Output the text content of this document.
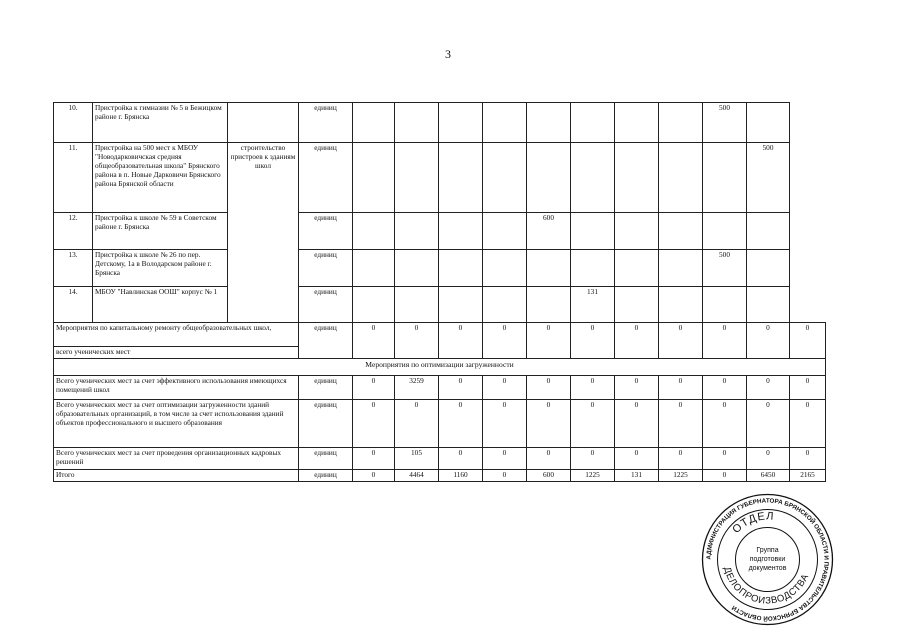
3
10.	Пристройка к гимназии № 5 в Бежицком районе г. Брянска		единиц									500		
11.	Пристройка на 500 мест к МБОУ "Новодарковичская средняя общеобразовательная школа" Брянского района в п. Новые Дарковичи Брянского района Брянской области	строительство пристроев к зданиям школ	единиц										500	
12.	Пристройка к школе № 59 в Советском районе г. Брянска		единиц					600						
13.	Пристройка к школе № 26 по пер. Детскому, 1а в Володарском районе г. Брянска		единиц									500		
14.	МБОУ "Навлинская ООШ" корпус № 1		единиц						131					
Мероприятия по капитальному ремонту общеобразовательных школ,			единиц	0	0	0	0	0	0	0	0	0	0	0
всего ученических мест														
Мероприятия по оптимизации загруженности														
Всего ученических мест за счет эффективного использования имеющихся помещений школ			единиц	0	3259	0	0	0	0	0	0	0	0	0
Всего ученических мест за счет оптимизации загруженности зданий образовательных организаций, в том числе за счет использования зданий объектов профессионального и высшего образования			единиц	0	0	0	0	0	0	0	0	0	0	0
Всего ученических мест за счет проведения организационных кадровых решений			единиц	0	105	0	0	0	0	0	0	0	0	0
Итого			единиц	0	4464	1160	0	600	1225	131	1225	0	6450	2165
АДМИНИСТРАЦИЯ ГУБЕРНАТОРА БРЯНСКОЙ ОБЛАСТИ И ПРАВИТЕЛЬСТВА БРЯНСКОЙ ОБЛАСТИ
ОТДЕЛ
ДЕЛОПРОИЗВОДСТВА
Группа
подготовки
документов
